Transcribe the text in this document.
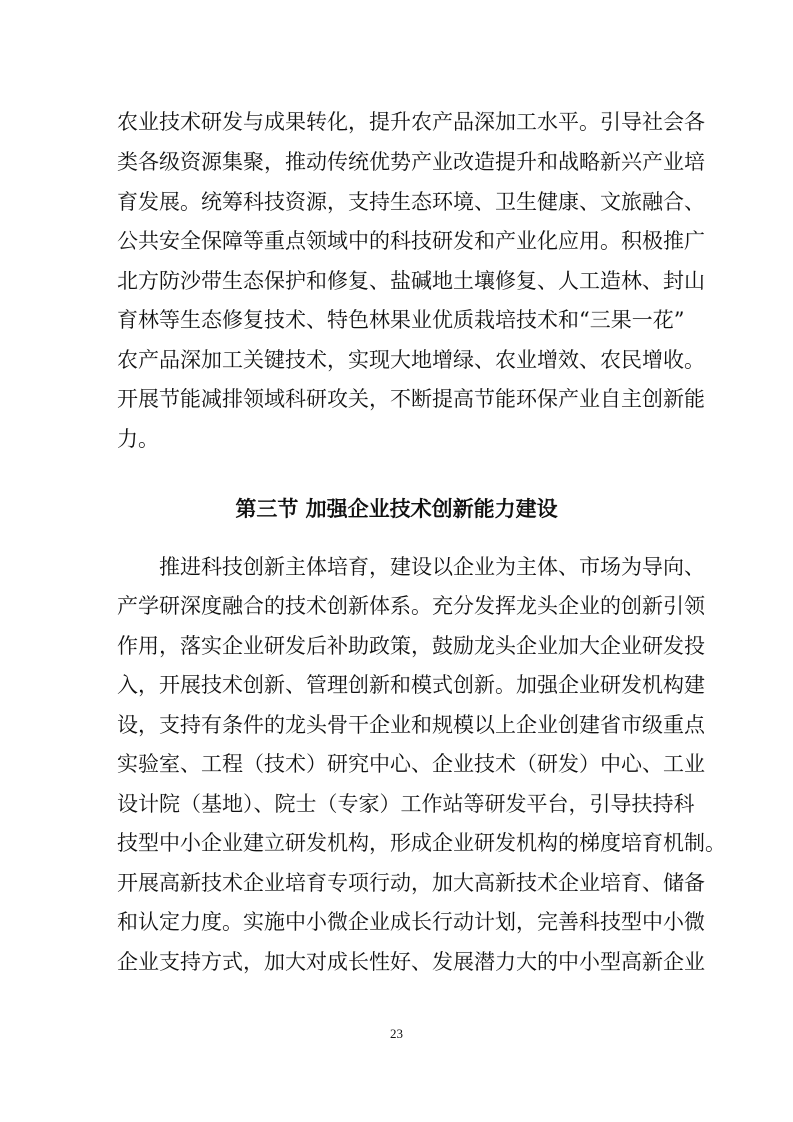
农业技术研发与成果转化，提升农产品深加工水平。引导社会各
类各级资源集聚，推动传统优势产业改造提升和战略新兴产业培
育发展。统筹科技资源，支持生态环境、卫生健康、文旅融合、
公共安全保障等重点领域中的科技研发和产业化应用。积极推广
北方防沙带生态保护和修复、盐碱地土壤修复、人工造林、封山
育林等生态修复技术、特色林果业优质栽培技术和“三果一花”
农产品深加工关键技术，实现大地增绿、农业增效、农民增收。
开展节能减排领域科研攻关，不断提高节能环保产业自主创新能
力。
第三节 加强企业技术创新能力建设
推进科技创新主体培育，建设以企业为主体、市场为导向、
产学研深度融合的技术创新体系。充分发挥龙头企业的创新引领
作用，落实企业研发后补助政策，鼓励龙头企业加大企业研发投
入，开展技术创新、管理创新和模式创新。加强企业研发机构建
设，支持有条件的龙头骨干企业和规模以上企业创建省市级重点
实验室、工程（技术）研究中心、企业技术（研发）中心、工业
设计院（基地）、院士（专家）工作站等研发平台，引导扶持科
技型中小企业建立研发机构，形成企业研发机构的梯度培育机制。
开展高新技术企业培育专项行动，加大高新技术企业培育、储备
和认定力度。实施中小微企业成长行动计划，完善科技型中小微
企业支持方式，加大对成长性好、发展潜力大的中小型高新企业
23
